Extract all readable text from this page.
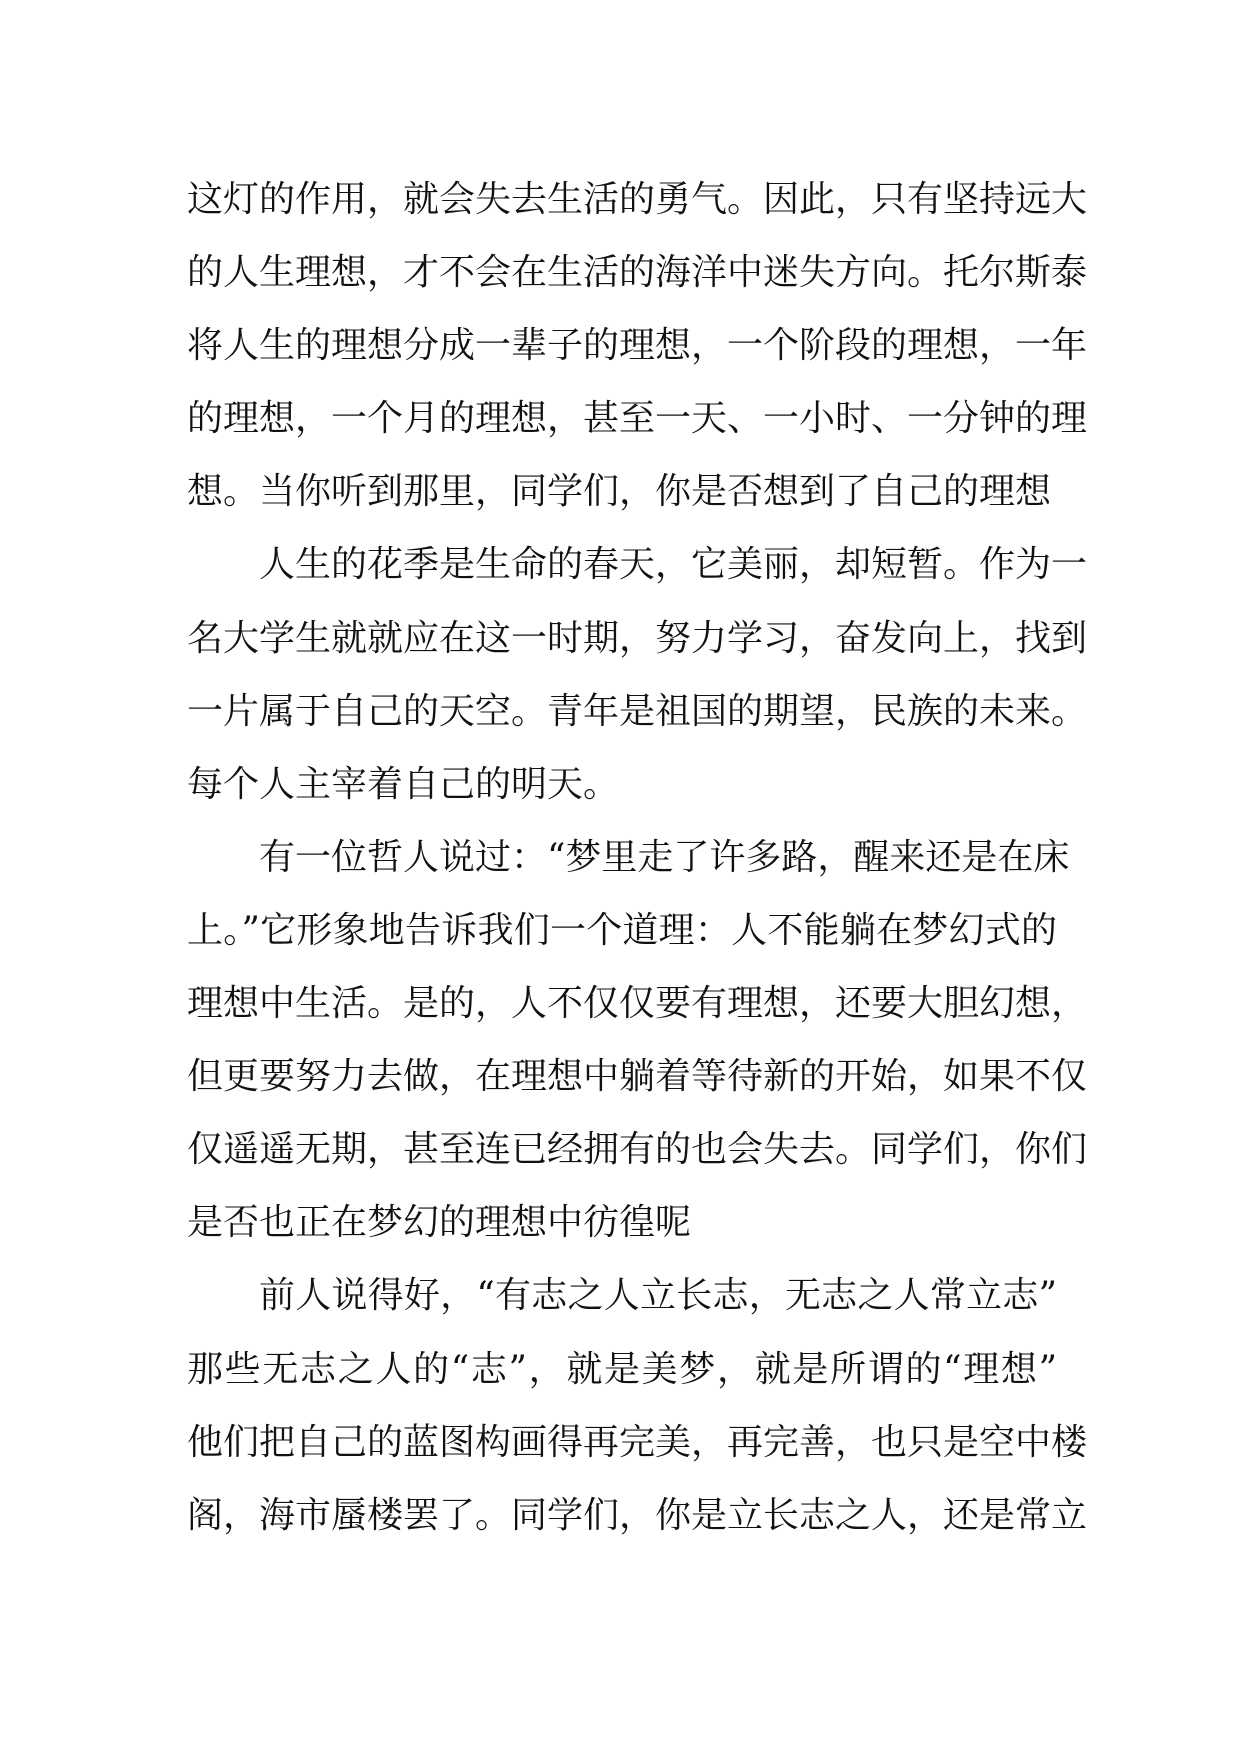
这灯的作用，就会失去生活的勇气。因此，只有坚持远大
的人生理想，才不会在生活的海洋中迷失方向。托尔斯泰
将人生的理想分成一辈子的理想，一个阶段的理想，一年
的理想，一个月的理想，甚至一天、一小时、一分钟的理
想。当你听到那里，同学们，你是否想到了自己的理想
人生的花季是生命的春天，它美丽，却短暂。作为一
名大学生就就应在这一时期，努力学习，奋发向上，找到
一片属于自己的天空。青年是祖国的期望，民族的未来。
每个人主宰着自己的明天。
有一位哲人说过：“梦里走了许多路，醒来还是在床
上。”它形象地告诉我们一个道理：人不能躺在梦幻式的
理想中生活。是的，人不仅仅要有理想，还要大胆幻想，
但更要努力去做，在理想中躺着等待新的开始，如果不仅
仅遥遥无期，甚至连已经拥有的也会失去。同学们，你们
是否也正在梦幻的理想中彷徨呢
前人说得好，“有志之人立长志，无志之人常立志”
那些无志之人的“志”，就是美梦，就是所谓的“理想”
他们把自己的蓝图构画得再完美，再完善，也只是空中楼
阁，海市蜃楼罢了。同学们，你是立长志之人，还是常立
